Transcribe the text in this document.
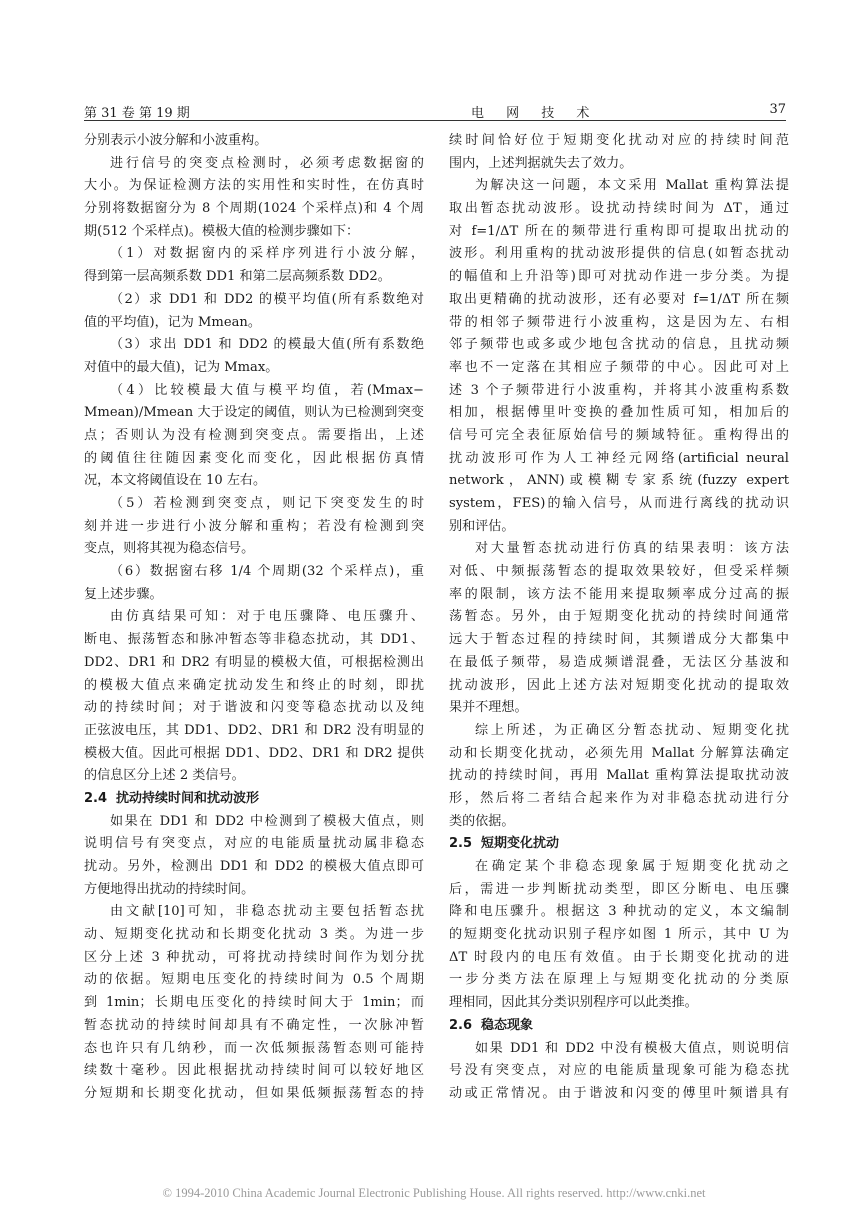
第 31 卷 第 19 期	电 网 技 术	37
分别表示小波分解和小波重构。
进行信号的突变点检测时，必须考虑数据窗的
大小。为保证检测方法的实用性和实时性，在仿真时
分别将数据窗分为 8 个周期(1024 个采样点)和 4 个周
期(512 个采样点)。模极大值的检测步骤如下：
（1）对数据窗内的采样序列进行小波分解，
得到第一层高频系数 DD1 和第二层高频系数 DD2。
（2）求 DD1 和 DD2 的模平均值(所有系数绝对
值的平均值)，记为 Mmean。
（3）求出 DD1 和 DD2 的模最大值(所有系数绝
对值中的最大值)，记为 Mmax。
（4）比较模最大值与模平均值，若(Mmax−
Mmean)/Mmean 大于设定的阈值，则认为已检测到突变
点；否则认为没有检测到突变点。需要指出，上述
的阈值往往随因素变化而变化，因此根据仿真情
况，本文将阈值设在 10 左右。
（5）若检测到突变点，则记下突变发生的时
刻并进一步进行小波分解和重构；若没有检测到突
变点，则将其视为稳态信号。
（6）数据窗右移 1/4 个周期(32 个采样点)，重
复上述步骤。
由仿真结果可知：对于电压骤降、电压骤升、
断电、振荡暂态和脉冲暂态等非稳态扰动，其 DD1、
DD2、DR1 和 DR2 有明显的模极大值，可根据检测出
的模极大值点来确定扰动发生和终止的时刻，即扰
动的持续时间；对于谐波和闪变等稳态扰动以及纯
正弦波电压，其 DD1、DD2、DR1 和 DR2 没有明显的
模极大值。因此可根据 DD1、DD2、DR1 和 DR2 提供
的信息区分上述 2 类信号。
2.4 扰动持续时间和扰动波形
如果在 DD1 和 DD2 中检测到了模极大值点，则
说明信号有突变点，对应的电能质量扰动属非稳态
扰动。另外，检测出 DD1 和 DD2 的模极大值点即可
方便地得出扰动的持续时间。
由文献[10]可知，非稳态扰动主要包括暂态扰
动、短期变化扰动和长期变化扰动 3 类。为进一步
区分上述 3 种扰动，可将扰动持续时间作为划分扰
动的依据。短期电压变化的持续时间为 0.5 个周期
到 1min；长期电压变化的持续时间大于 1min；而
暂态扰动的持续时间却具有不确定性，一次脉冲暂
态也许只有几纳秒，而一次低频振荡暂态则可能持
续数十毫秒。因此根据扰动持续时间可以较好地区
分短期和长期变化扰动，但如果低频振荡暂态的持
续时间恰好位于短期变化扰动对应的持续时间范
围内，上述判据就失去了效力。
为解决这一问题，本文采用 Mallat 重构算法提
取出暂态扰动波形。设扰动持续时间为 ΔT，通过
对 f=1/ΔT 所在的频带进行重构即可提取出扰动的
波形。利用重构的扰动波形提供的信息(如暂态扰动
的幅值和上升沿等)即可对扰动作进一步分类。为提
取出更精确的扰动波形，还有必要对 f=1/ΔT 所在频
带的相邻子频带进行小波重构，这是因为左、右相
邻子频带也或多或少地包含扰动的信息，且扰动频
率也不一定落在其相应子频带的中心。因此可对上
述 3 个子频带进行小波重构，并将其小波重构系数
相加，根据傅里叶变换的叠加性质可知，相加后的
信号可完全表征原始信号的频域特征。重构得出的
扰动波形可作为人工神经元网络(artificial neural
network，ANN)或模糊专家系统(fuzzy expert
system，FES)的输入信号，从而进行离线的扰动识
别和评估。
对大量暂态扰动进行仿真的结果表明：该方法
对低、中频振荡暂态的提取效果较好，但受采样频
率的限制，该方法不能用来提取频率成分过高的振
荡暂态。另外，由于短期变化扰动的持续时间通常
远大于暂态过程的持续时间，其频谱成分大都集中
在最低子频带，易造成频谱混叠，无法区分基波和
扰动波形，因此上述方法对短期变化扰动的提取效
果并不理想。
综上所述，为正确区分暂态扰动、短期变化扰
动和长期变化扰动，必须先用 Mallat 分解算法确定
扰动的持续时间，再用 Mallat 重构算法提取扰动波
形，然后将二者结合起来作为对非稳态扰动进行分
类的依据。
2.5 短期变化扰动
在确定某个非稳态现象属于短期变化扰动之
后，需进一步判断扰动类型，即区分断电、电压骤
降和电压骤升。根据这 3 种扰动的定义，本文编制
的短期变化扰动识别子程序如图 1 所示，其中 U 为
ΔT 时段内的电压有效值。由于长期变化扰动的进
一步分类方法在原理上与短期变化扰动的分类原
理相同，因此其分类识别程序可以此类推。
2.6 稳态现象
如果 DD1 和 DD2 中没有模极大值点，则说明信
号没有突变点，对应的电能质量现象可能为稳态扰
动或正常情况。由于谐波和闪变的傅里叶频谱具有
© 1994-2010 China Academic Journal Electronic Publishing House. All rights reserved. http://www.cnki.net
